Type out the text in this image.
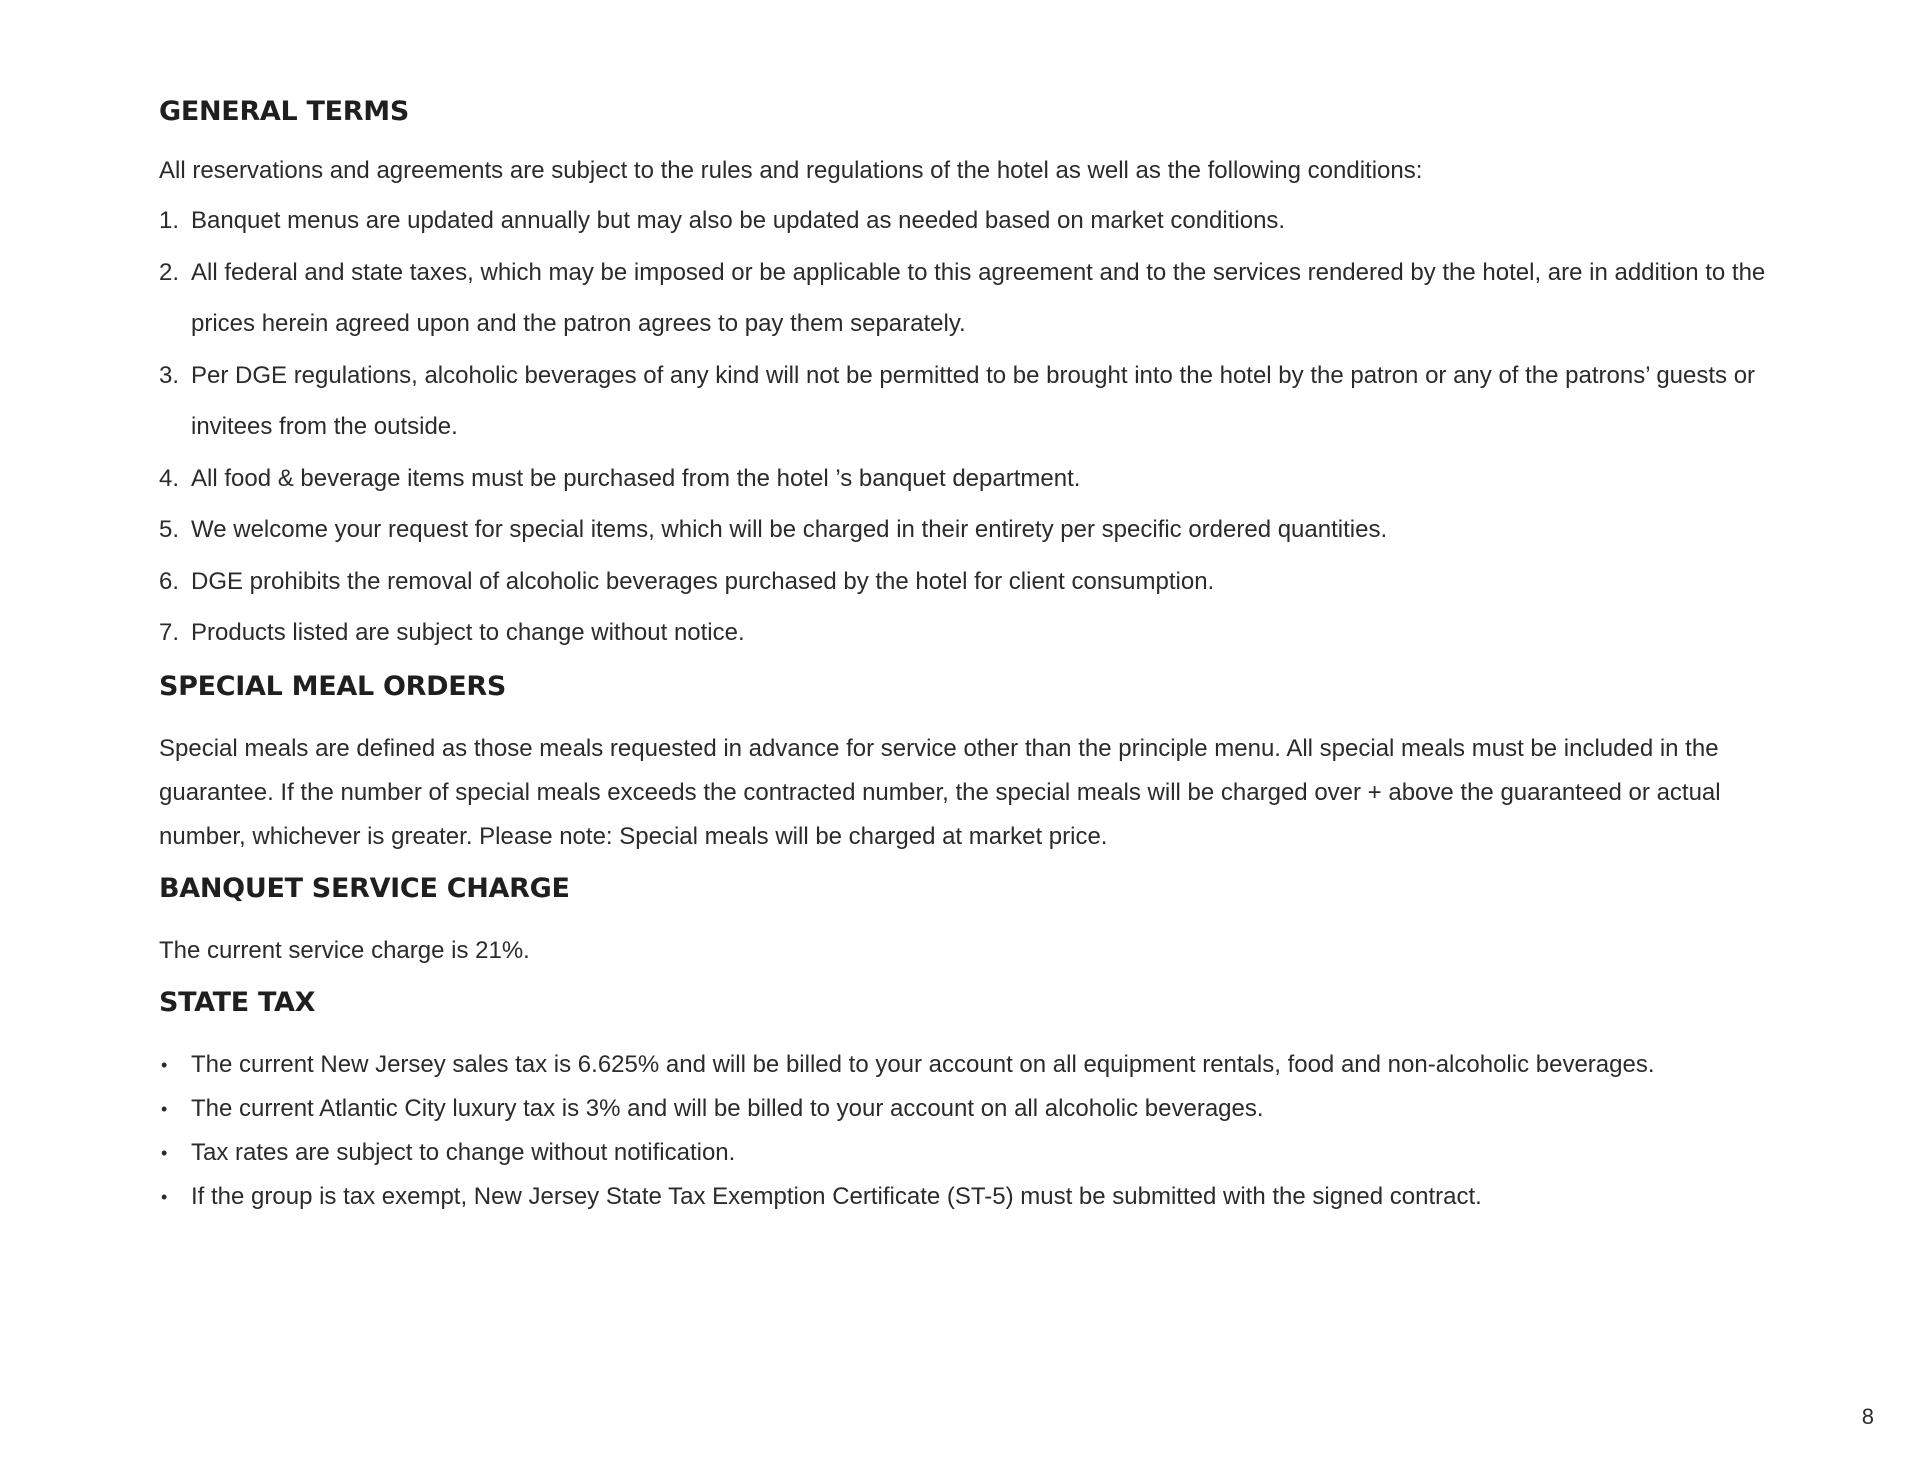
GENERAL TERMS

All reservations and agreements are subject to the rules and regulations of the hotel as well as the following conditions:

1. Banquet menus are updated annually but may also be updated as needed based on market conditions.
2. All federal and state taxes, which may be imposed or be applicable to this agreement and to the services rendered by the hotel, are in addition to the prices herein agreed upon and the patron agrees to pay them separately.
3. Per DGE regulations, alcoholic beverages of any kind will not be permitted to be brought into the hotel by the patron or any of the patrons’ guests or invitees from the outside.
4. All food & beverage items must be purchased from the hotel ’s banquet department.
5. We welcome your request for special items, which will be charged in their entirety per specific ordered quantities.
6. DGE prohibits the removal of alcoholic beverages purchased by the hotel for client consumption.
7. Products listed are subject to change without notice.
SPECIAL MEAL ORDERS

Special meals are defined as those meals requested in advance for service other than the principle menu. All special meals must be included in the guarantee. If the number of special meals exceeds the contracted number, the special meals will be charged over + above the guaranteed or actual number, whichever is greater. Please note: Special meals will be charged at market price.

BANQUET SERVICE CHARGE

The current service charge is 21%.

STATE TAX
• The current New Jersey sales tax is 6.625% and will be billed to your account on all equipment rentals, food and non-alcoholic beverages.
• The current Atlantic City luxury tax is 3% and will be billed to your account on all alcoholic beverages.
• Tax rates are subject to change without notification.
• If the group is tax exempt, New Jersey State Tax Exemption Certificate (ST-5) must be submitted with the signed contract.
8
